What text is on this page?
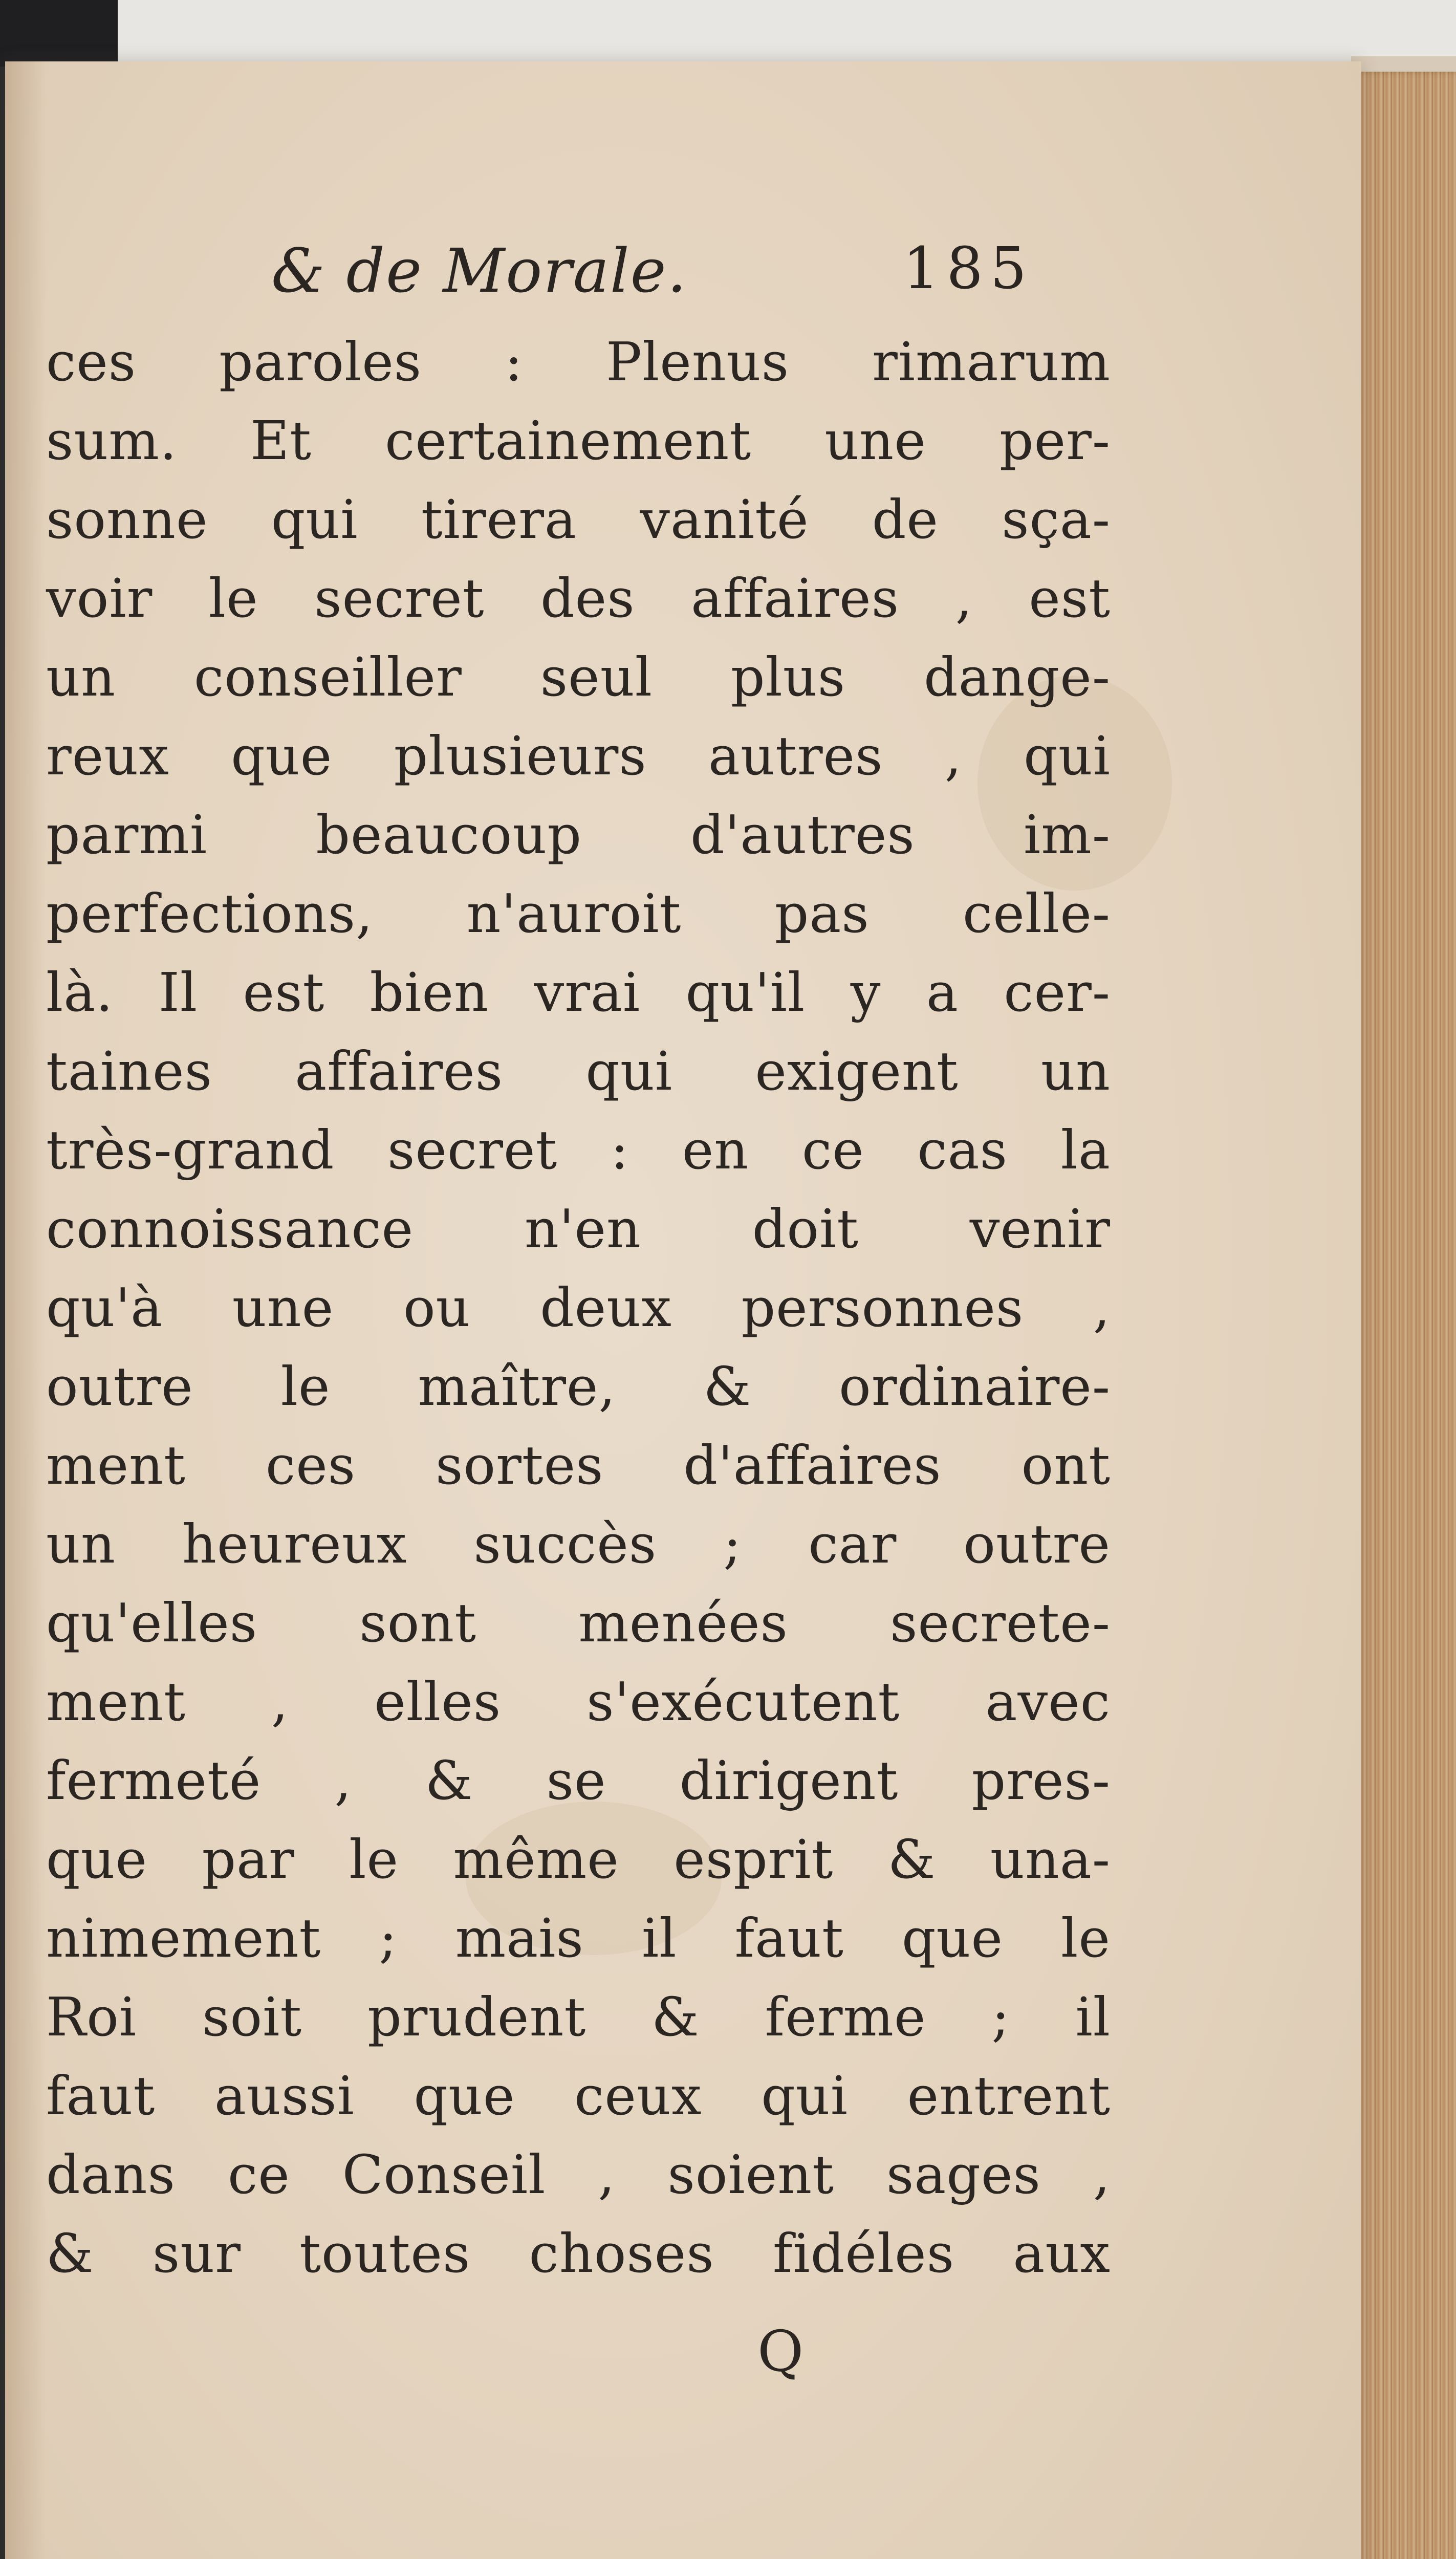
& de Morale.	185
ces paroles : Plenus rimarum
sum. Et certainement une per-
sonne qui tirera vanité de sça-
voir le secret des affaires , est
un conseiller seul plus dange-
reux que plusieurs autres , qui
parmi beaucoup d'autres im-
perfections, n'auroit pas celle-
là. Il est bien vrai qu'il y a cer-
taines affaires qui exigent un
très-grand secret : en ce cas la
connoissance n'en doit venir
qu'à une ou deux personnes ,
outre le maître, & ordinaire-
ment ces sortes d'affaires ont
un heureux succès ; car outre
qu'elles sont menées secrete-
ment , elles s'exécutent avec
fermeté , & se dirigent pres-
que par le même esprit & una-
nimement ; mais il faut que le
Roi soit prudent & ferme ; il
faut aussi que ceux qui entrent
dans ce Conseil , soient sages ,
& sur toutes choses fidéles aux
Q
